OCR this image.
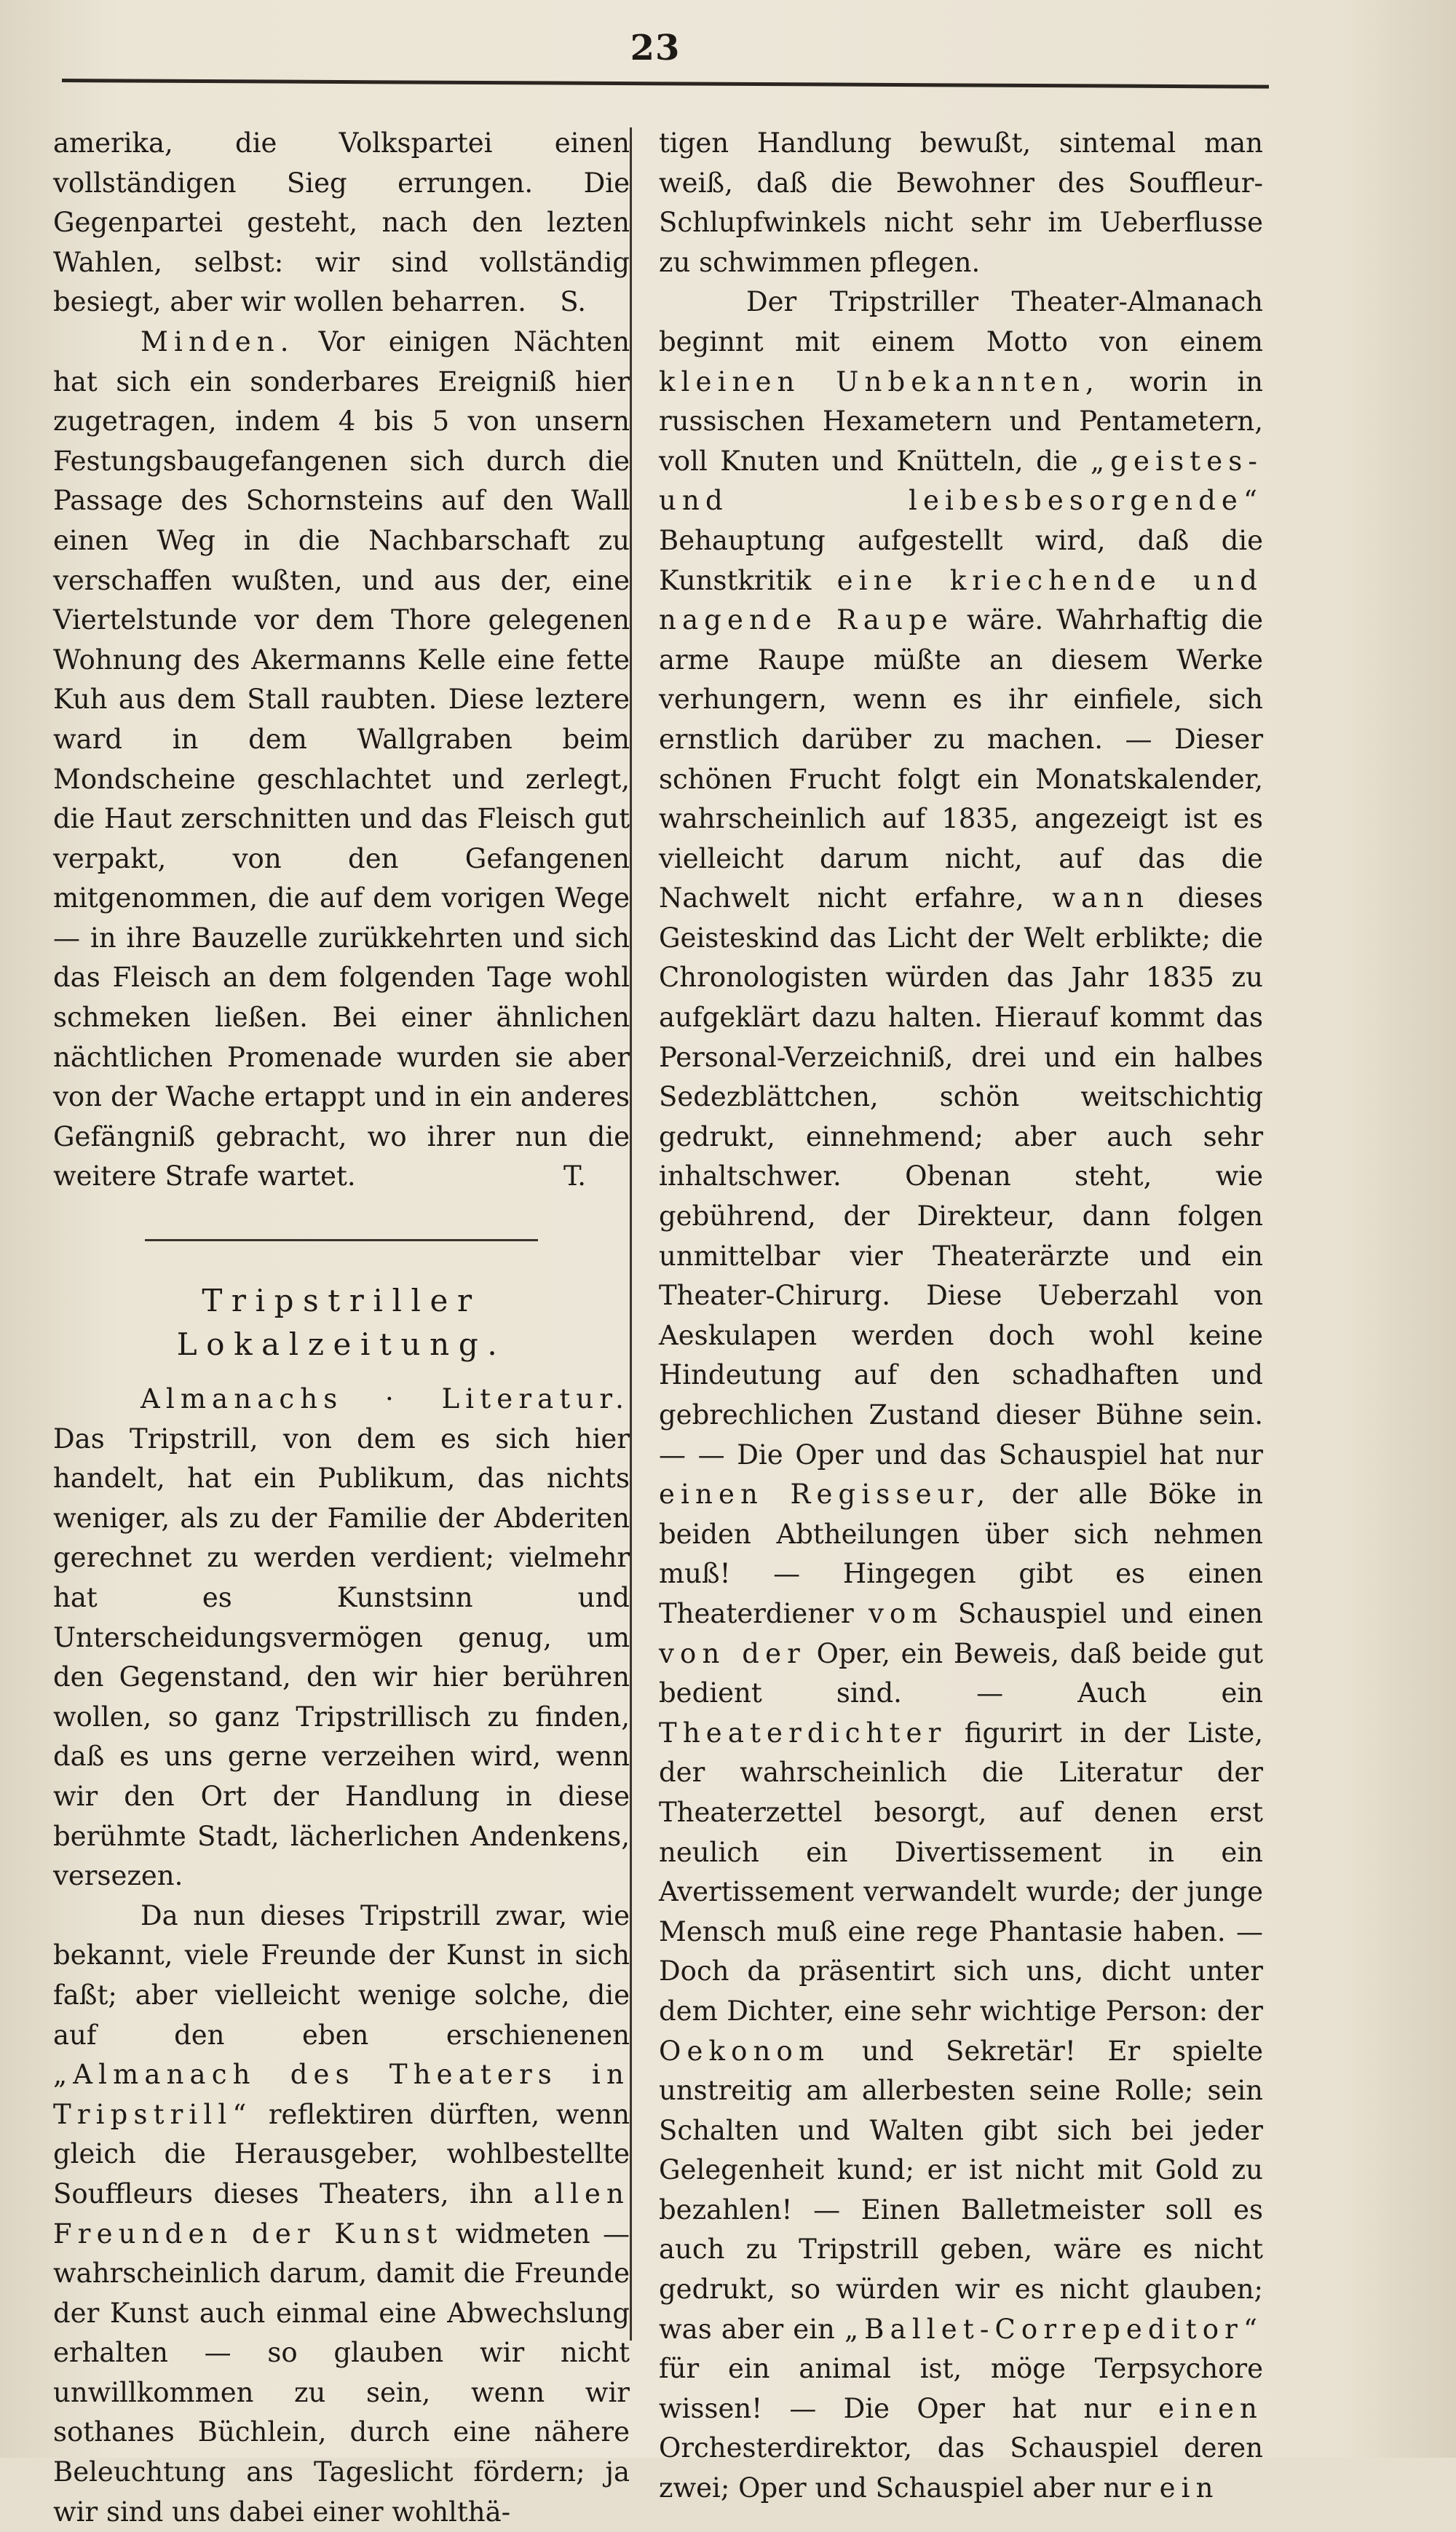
23

amerika, die Volkspartei einen vollständigen Sieg errungen. Die Gegenpartei gesteht, nach den lezten Wahlen, selbst: wir sind vollständig besiegt, aber wir wollen beharren. S.

Minden. Vor einigen Nächten hat sich ein sonderbares Ereigniß hier zugetragen, indem 4 bis 5 von unsern Festungsbaugefangenen sich durch die Passage des Schornsteins auf den Wall einen Weg in die Nachbarschaft zu verschaffen wußten, und aus der, eine Viertelstunde vor dem Thore gelegenen Wohnung des Akermanns Kelle eine fette Kuh aus dem Stall raubten. Diese leztere ward in dem Wallgraben beim Mondscheine geschlachtet und zerlegt, die Haut zerschnitten und das Fleisch gut verpakt, von den Gefangenen mitgenommen, die auf dem vorigen Wege — in ihre Bauzelle zurükkehrten und sich das Fleisch an dem folgenden Tage wohl schmeken ließen. Bei einer ähnlichen nächtlichen Promenade wurden sie aber von der Wache ertappt und in ein anderes Gefängniß gebracht, wo ihrer nun die weitere Strafe wartet.	T.

Tripstriller Lokalzeitung.

Almanachs · Literatur. Das Tripstrill, von dem es sich hier handelt, hat ein Publikum, das nichts weniger, als zu der Familie der Abderiten gerechnet zu werden verdient; vielmehr hat es Kunstsinn und Unterscheidungsvermögen genug, um den Gegenstand, den wir hier berühren wollen, so ganz Tripstrillisch zu finden, daß es uns gerne verzeihen wird, wenn wir den Ort der Handlung in diese berühmte Stadt, lächerlichen Andenkens, versezen.

Da nun dieses Tripstrill zwar, wie bekannt, viele Freunde der Kunst in sich faßt; aber vielleicht wenige solche, die auf den eben erschienenen „Almanach des Theaters in Tripstrill“ reflektiren dürften, wenn gleich die Herausgeber, wohlbestellte Souffleurs dieses Theaters, ihn allen Freunden der Kunst widmeten — wahrscheinlich darum, damit die Freunde der Kunst auch einmal eine Abwechslung erhalten — so glauben wir nicht unwillkommen zu sein, wenn wir sothanes Büchlein, durch eine nähere Beleuchtung ans Tageslicht fördern; ja wir sind uns dabei einer wohlthä-

tigen Handlung bewußt, sintemal man weiß, daß die Bewohner des Souffleur-Schlupfwinkels nicht sehr im Ueberflusse zu schwimmen pflegen.

Der Tripstriller Theater-Almanach beginnt mit einem Motto von einem kleinen Unbekannten, worin in russischen Hexametern und Pentametern, voll Knuten und Knütteln, die „geistes- und leibesbesorgende“ Behauptung aufgestellt wird, daß die Kunstkritik eine kriechende und nagende Raupe wäre. Wahrhaftig die arme Raupe müßte an diesem Werke verhungern, wenn es ihr einfiele, sich ernstlich darüber zu machen. — Dieser schönen Frucht folgt ein Monatskalender, wahrscheinlich auf 1835, angezeigt ist es vielleicht darum nicht, auf das die Nachwelt nicht erfahre, wann dieses Geisteskind das Licht der Welt erblikte; die Chronologisten würden das Jahr 1835 zu aufgeklärt dazu halten. Hierauf kommt das Personal-Verzeichniß, drei und ein halbes Sedezblättchen, schön weitschichtig gedrukt, einnehmend; aber auch sehr inhaltschwer. Obenan steht, wie gebührend, der Direkteur, dann folgen unmittelbar vier Theaterärzte und ein Theater-Chirurg. Diese Ueberzahl von Aeskulapen werden doch wohl keine Hindeutung auf den schadhaften und gebrechlichen Zustand dieser Bühne sein. — — Die Oper und das Schauspiel hat nur einen Regisseur, der alle Böke in beiden Abtheilungen über sich nehmen muß! — Hingegen gibt es einen Theaterdiener vom Schauspiel und einen von der Oper, ein Beweis, daß beide gut bedient sind. — Auch ein Theaterdichter figurirt in der Liste, der wahrscheinlich die Literatur der Theaterzettel besorgt, auf denen erst neulich ein Divertissement in ein Avertissement verwandelt wurde; der junge Mensch muß eine rege Phantasie haben. — Doch da präsentirt sich uns, dicht unter dem Dichter, eine sehr wichtige Person: der Oekonom und Sekretär! Er spielte unstreitig am allerbesten seine Rolle; sein Schalten und Walten gibt sich bei jeder Gelegenheit kund; er ist nicht mit Gold zu bezahlen! — Einen Balletmeister soll es auch zu Tripstrill geben, wäre es nicht gedrukt, so würden wir es nicht glauben; was aber ein „Ballet-Correpeditor“ für ein animal ist, möge Terpsychore wissen! — Die Oper hat nur einen Orchesterdirektor, das Schauspiel deren zwei; Oper und Schauspiel aber nur ein
